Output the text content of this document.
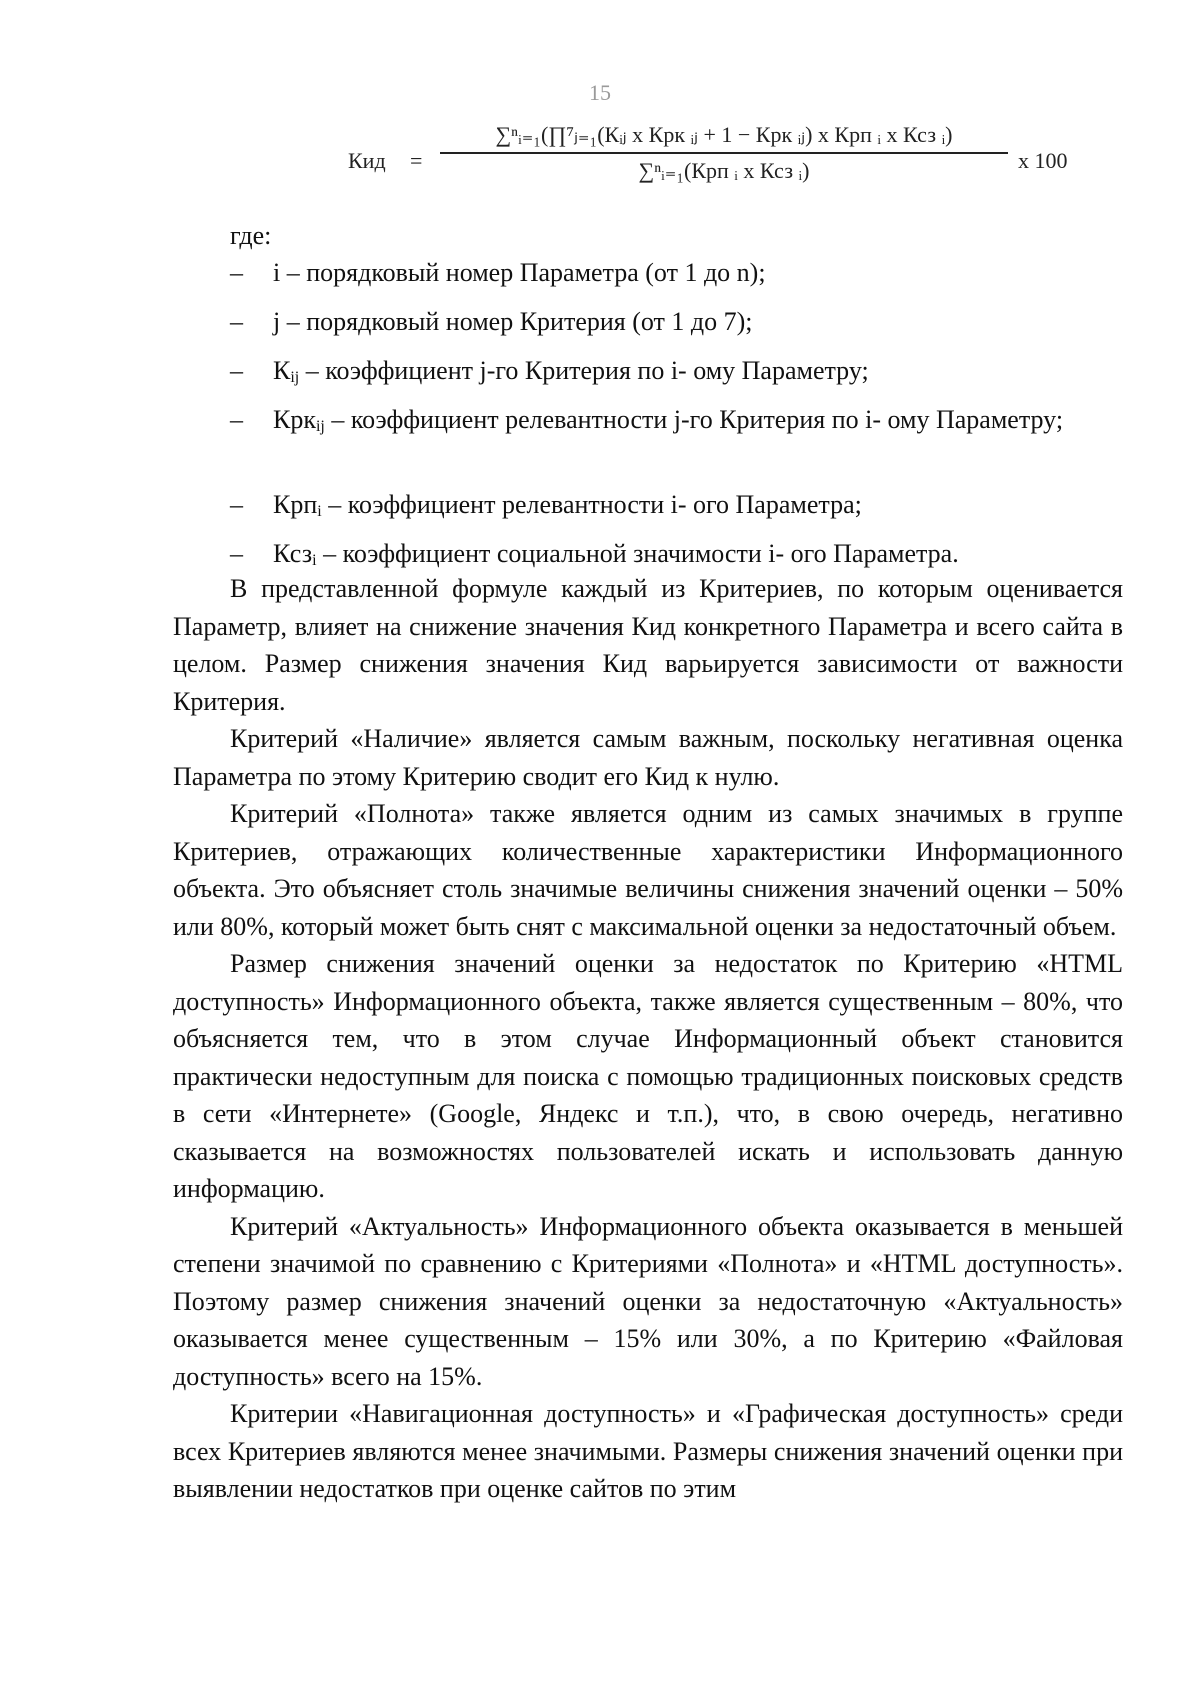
15
Кид =
∑ⁿᵢ₌₁(∏⁷ⱼ₌₁(Кᵢⱼ x Крк ᵢⱼ + 1 − Крк ᵢⱼ) x Крп ᵢ x Ксз ᵢ)
∑ⁿᵢ₌₁(Крп ᵢ x Ксз ᵢ)	x 100
где:
–	i – порядковый номер Параметра (от 1 до n);
–	j – порядковый номер Критерия (от 1 до 7);
–	Кij – коэффициент j-го Критерия по i- ому Параметру;
–	Кркij – коэффициент релевантности j-го Критерия по i- ому Параметру;
–	Крпi – коэффициент релевантности i- ого Параметра;
–	Ксзi – коэффициент социальной значимости i- ого Параметра.

В представленной формуле каждый из Критериев, по которым оценивается Параметр, влияет на снижение значения Кид конкретного Параметра и всего сайта в целом. Размер снижения значения Кид варьируется зависимости от важности Критерия.

Критерий «Наличие» является самым важным, поскольку негативная оценка Параметра по этому Критерию сводит его Кид к нулю.

Критерий «Полнота» также является одним из самых значимых в группе Критериев, отражающих количественные характеристики Информационного объекта. Это объясняет столь значимые величины снижения значений оценки – 50% или 80%, который может быть снят с максимальной оценки за недостаточный объем.

Размер снижения значений оценки за недостаток по Критерию «HTML доступность» Информационного объекта, также является существенным – 80%, что объясняется тем, что в этом случае Информационный объект становится практически недоступным для поиска с помощью традиционных поисковых средств в сети «Интернете» (Google, Яндекс и т.п.), что, в свою очередь, негативно сказывается на возможностях пользователей искать и использовать данную информацию.

Критерий «Актуальность» Информационного объекта оказывается в меньшей степени значимой по сравнению с Критериями «Полнота» и «HTML доступность». Поэтому размер снижения значений оценки за недостаточную «Актуальность» оказывается менее существенным – 15% или 30%, а по Критерию «Файловая доступность» всего на 15%.

Критерии «Навигационная доступность» и «Графическая доступность» среди всех Критериев являются менее значимыми. Размеры снижения значений оценки при выявлении недостатков при оценке сайтов по этим
